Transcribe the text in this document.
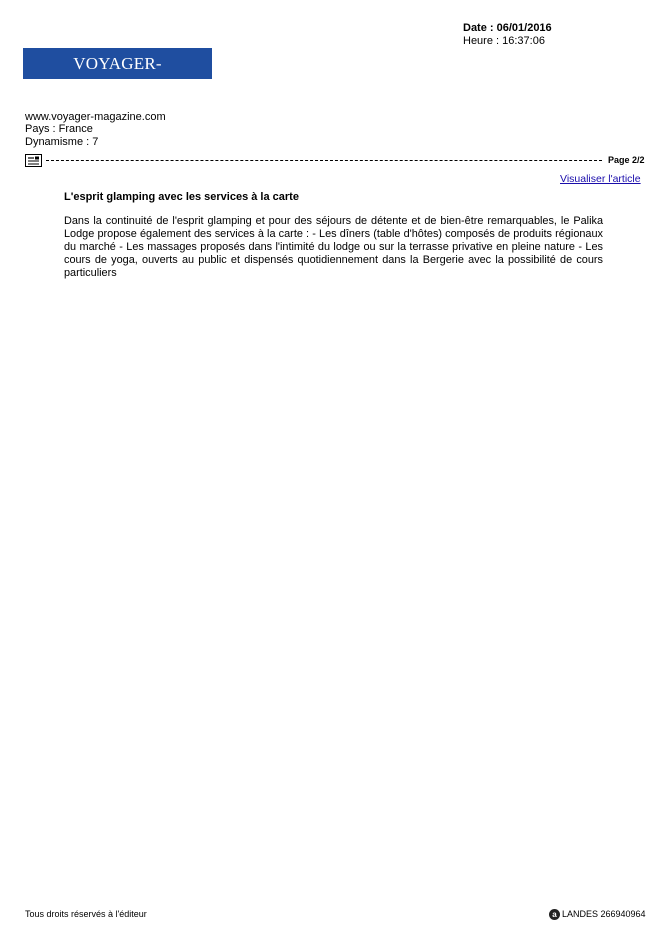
Date : 06/01/2016
Heure : 16:37:06
VOYAGER-magazine.com
www.voyager-magazine.com
Pays : France
Dynamisme : 7
Page 2/2
Visualiser l'article
L'esprit glamping avec les services à la carte

Dans la continuité de l'esprit glamping et pour des séjours de détente et de bien-être remarquables, le Palika Lodge propose également des services à la carte : - Les dîners (table d'hôtes) composés de produits régionaux du marché - Les massages proposés dans l'intimité du lodge ou sur la terrasse privative en pleine nature - Les cours de yoga, ouverts au public et dispensés quotidiennement dans la Bergerie avec la possibilité de cours particuliers

Tous droits réservés à l'éditeur	a LANDES 266940964
